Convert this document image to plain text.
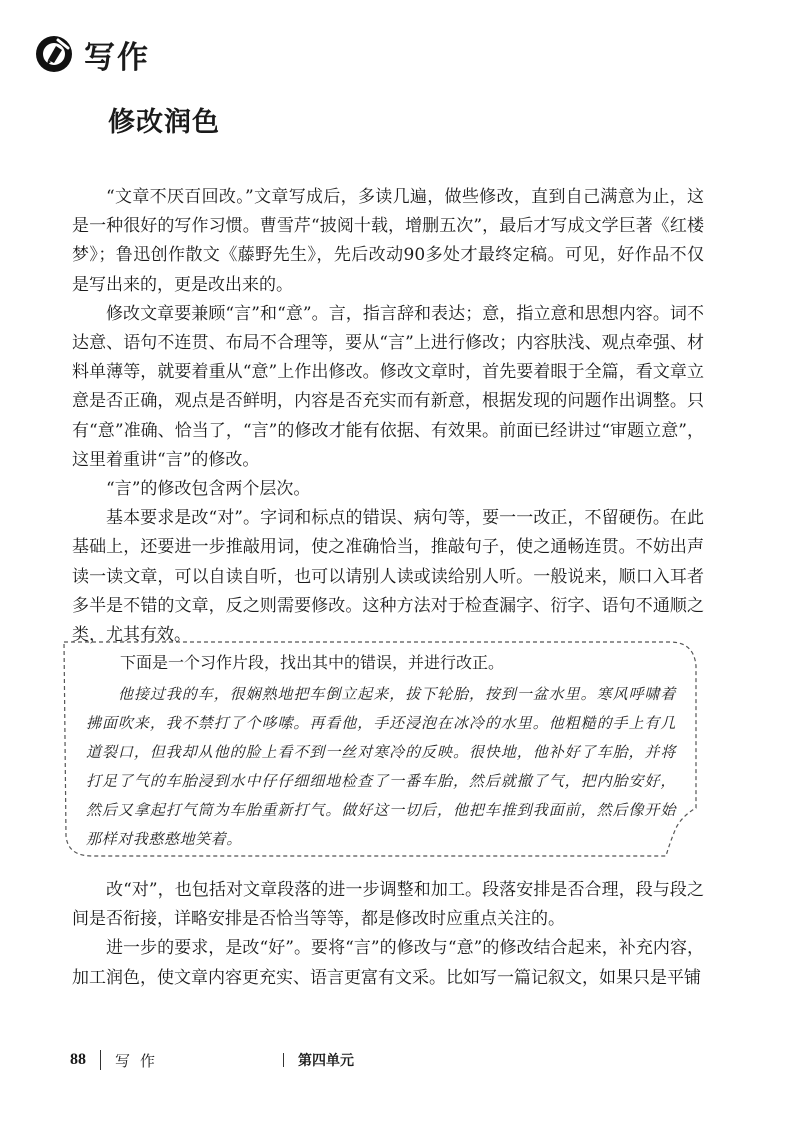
写作
修改润色

“文章不厌百回改。”文章写成后，多读几遍，做些修改，直到自己满意为止，这是一种很好的写作习惯。曹雪芹“披阅十载，增删五次”，最后才写成文学巨著《红楼梦》；鲁迅创作散文《藤野先生》，先后改动90多处才最终定稿。可见，好作品不仅是写出来的，更是改出来的。

修改文章要兼顾“言”和“意”。言，指言辞和表达；意，指立意和思想内容。词不达意、语句不连贯、布局不合理等，要从“言”上进行修改；内容肤浅、观点牵强、材料单薄等，就要着重从“意”上作出修改。修改文章时，首先要着眼于全篇，看文章立意是否正确，观点是否鲜明，内容是否充实而有新意，根据发现的问题作出调整。只有“意”准确、恰当了，“言”的修改才能有依据、有效果。前面已经讲过“审题立意”，这里着重讲“言”的修改。

“言”的修改包含两个层次。

基本要求是改“对”。字词和标点的错误、病句等，要一一改正，不留硬伤。在此基础上，还要进一步推敲用词，使之准确恰当，推敲句子，使之通畅连贯。不妨出声读一读文章，可以自读自听，也可以请别人读或读给别人听。一般说来，顺口入耳者多半是不错的文章，反之则需要修改。这种方法对于检查漏字、衍字、语句不通顺之类，尤其有效。

下面是一个习作片段，找出其中的错误，并进行改正。

他接过我的车，很娴熟地把车倒立起来，拔下轮胎，按到一盆水里。寒风呼啸着拂面吹来，我不禁打了个哆嗦。再看他，手还浸泡在冰冷的水里。他粗糙的手上有几道裂口，但我却从他的脸上看不到一丝对寒冷的反映。很快地，他补好了车胎，并将打足了气的车胎浸到水中仔仔细细地检查了一番车胎，然后就撤了气，把内胎安好，然后又拿起打气筒为车胎重新打气。做好这一切后，他把车推到我面前，然后像开始那样对我憨憨地笑着。

改“对”，也包括对文章段落的进一步调整和加工。段落安排是否合理，段与段之间是否衔接，详略安排是否恰当等等，都是修改时应重点关注的。

进一步的要求，是改“好”。要将“言”的修改与“意”的修改结合起来，补充内容，加工润色，使文章内容更充实、语言更富有文采。比如写一篇记叙文，如果只是平铺

88 写作	第四单元
